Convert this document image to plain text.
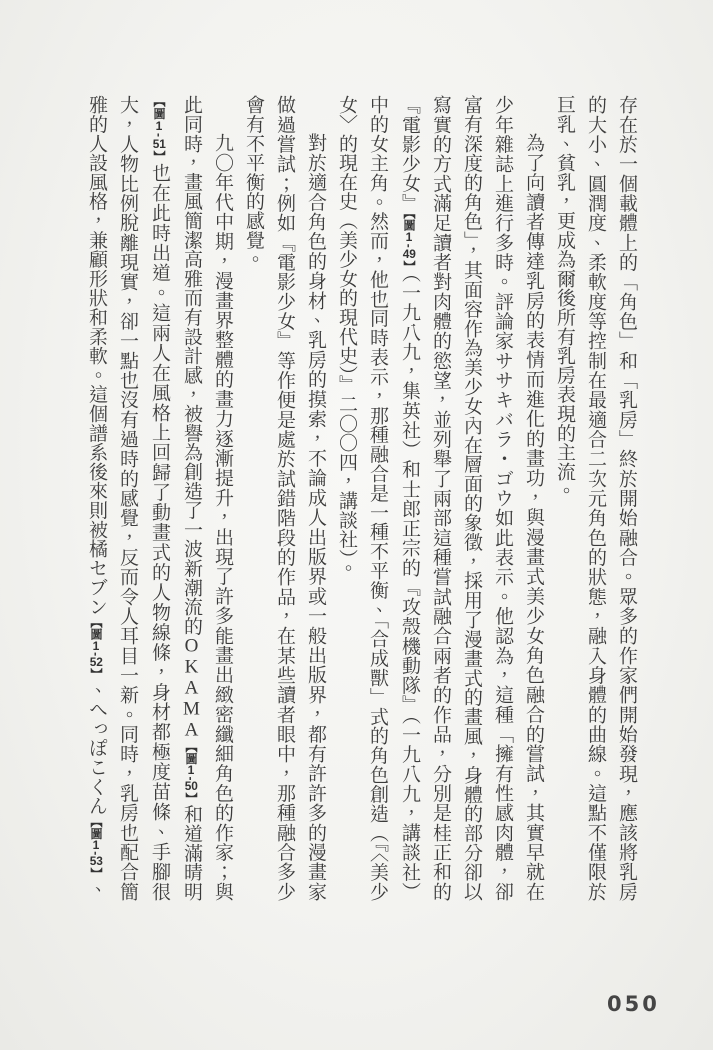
存在於一個載體上的「角色」和「乳房」終於開始融合。眾多的作家們開始發現，應該將乳房的大小、圓潤度、柔軟度等控制在最適合二次元角色的狀態，融入身體的曲線。這點不僅限於巨乳、貧乳，更成為爾後所有乳房表現的主流。

為了向讀者傳達乳房的表情而進化的畫功，與漫畫式美少女角色融合的嘗試，其實早就在少年雜誌上進行多時。評論家ササキバラ・ゴウ如此表示。他認為，這種「擁有性感肉體，卻富有深度的角色」，其面容作為美少女內在層面的象徵，採用了漫畫式的畫風，身體的部分卻以寫實的方式滿足讀者對肉體的慾望，並列舉了兩部這種嘗試融合兩者的作品，分別是桂正和的『電影少女』【圖1-49】（一九八九，集英社）和士郎正宗的『攻殼機動隊』（一九八九，講談社）中的女主角。然而，他也同時表示，那種融合是一種不平衡、「合成獸」式的角色創造（『〈美少女〉的現在史（美少女的現代史）』二〇〇四，講談社）。

對於適合角色的身材、乳房的摸索，不論成人出版界或一般出版界，都有許許多的漫畫家做過嘗試；例如『電影少女』等作便是處於試錯階段的作品，在某些讀者眼中，那種融合多少會有不平衡的感覺。

九〇年代中期，漫畫界整體的畫力逐漸提升，出現了許多能畫出緻密纖細角色的作家；與此同時，畫風簡潔高雅而有設計感，被譽為創造了一波新潮流的OKAMA【圖1-50】和道滿晴明【圖1-51】也在此時出道。這兩人在風格上回歸了動畫式的人物線條，身材都極度苗條、手腳很大，人物比例脫離現實，卻一點也沒有過時的感覺，反而令人耳目一新。同時，乳房也配合簡雅的人設風格，兼顧形狀和柔軟。這個譜系後來則被橘セブン【圖1-52】、へっぽこくん【圖1-53】、

050
